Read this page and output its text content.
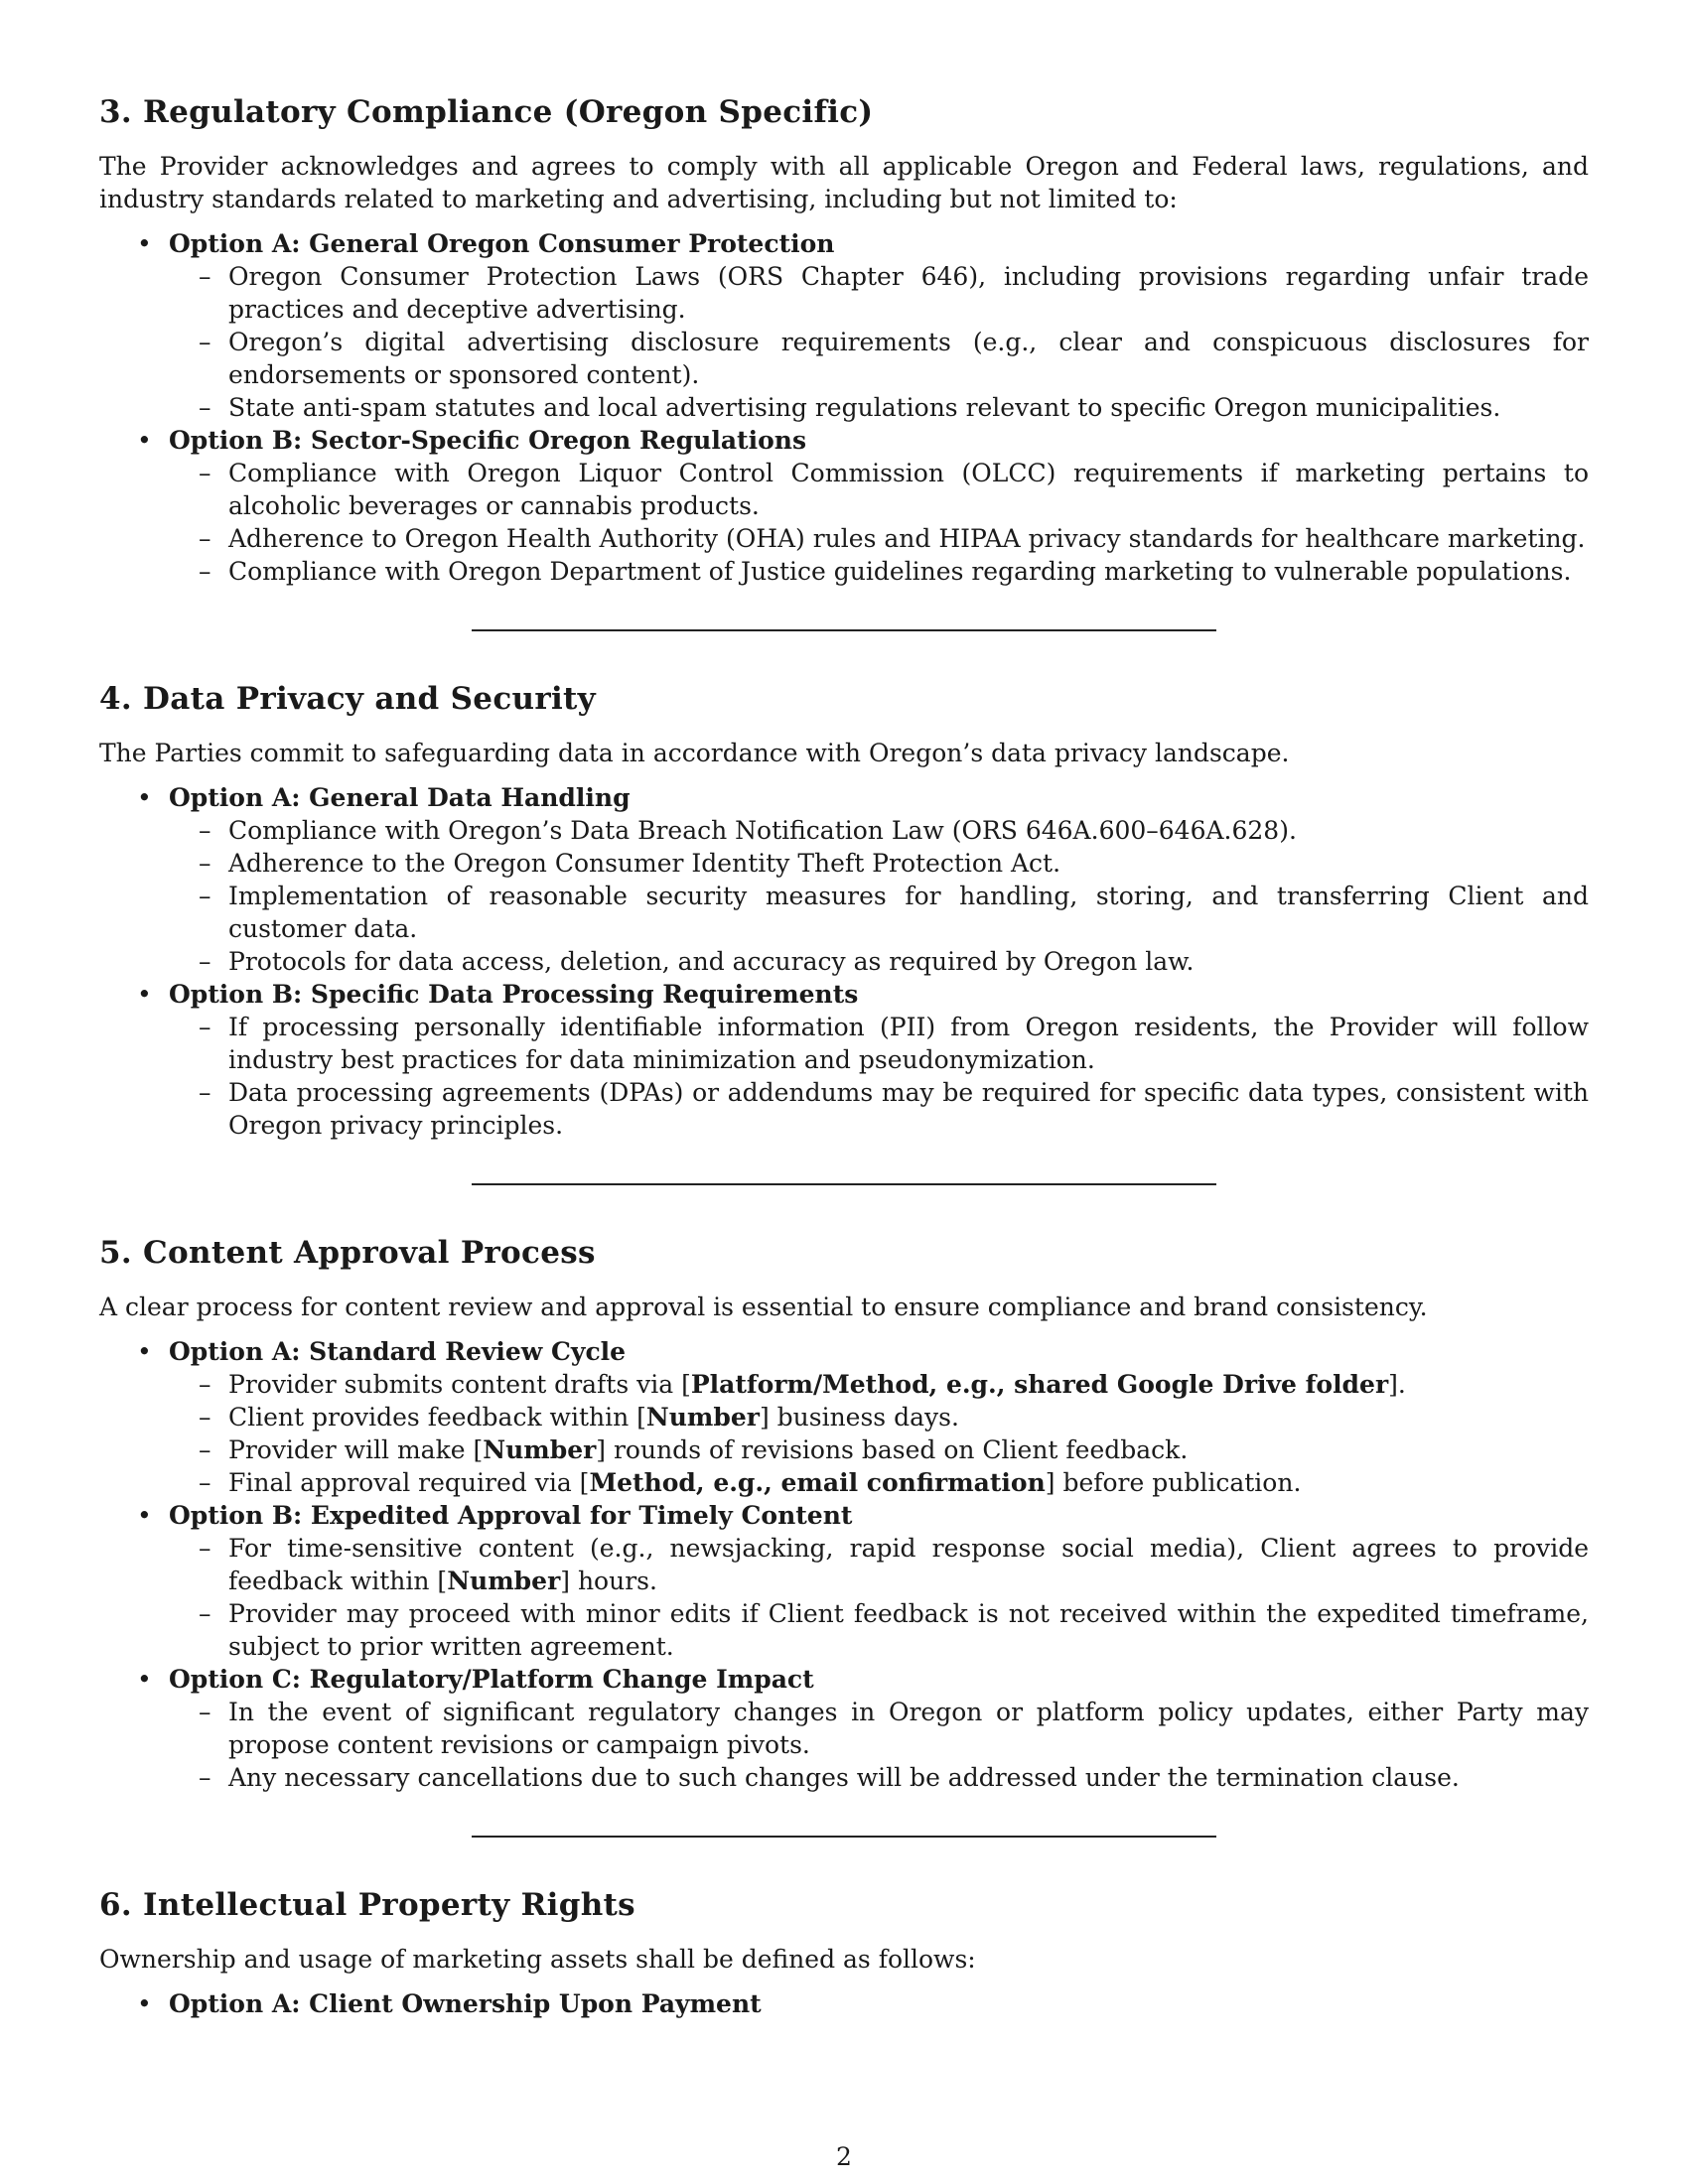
3. Regulatory Compliance (Oregon Specific)

The Provider acknowledges and agrees to comply with all applicable Oregon and Federal laws, regulations, and industry standards related to marketing and advertising, including but not limited to:

• Option A: General Oregon Consumer Protection
– Oregon Consumer Protection Laws (ORS Chapter 646), including provisions regarding unfair trade practices and deceptive advertising.
– Oregon’s digital advertising disclosure requirements (e.g., clear and conspicuous disclosures for endorsements or sponsored content).
– State anti-spam statutes and local advertising regulations relevant to specific Oregon municipalities.
• Option B: Sector-Specific Oregon Regulations
– Compliance with Oregon Liquor Control Commission (OLCC) requirements if marketing pertains to alcoholic beverages or cannabis products.
– Adherence to Oregon Health Authority (OHA) rules and HIPAA privacy standards for healthcare marketing.
– Compliance with Oregon Department of Justice guidelines regarding marketing to vulnerable populations.
4. Data Privacy and Security

The Parties commit to safeguarding data in accordance with Oregon’s data privacy landscape.

• Option A: General Data Handling
– Compliance with Oregon’s Data Breach Notification Law (ORS 646A.600–646A.628).
– Adherence to the Oregon Consumer Identity Theft Protection Act.
– Implementation of reasonable security measures for handling, storing, and transferring Client and customer data.
– Protocols for data access, deletion, and accuracy as required by Oregon law.
• Option B: Specific Data Processing Requirements
– If processing personally identifiable information (PII) from Oregon residents, the Provider will follow industry best practices for data minimization and pseudonymization.
– Data processing agreements (DPAs) or addendums may be required for specific data types, consistent with Oregon privacy principles.
5. Content Approval Process

A clear process for content review and approval is essential to ensure compliance and brand consistency.

• Option A: Standard Review Cycle
– Provider submits content drafts via [Platform/Method, e.g., shared Google Drive folder].
– Client provides feedback within [Number] business days.
– Provider will make [Number] rounds of revisions based on Client feedback.
– Final approval required via [Method, e.g., email confirmation] before publication.
• Option B: Expedited Approval for Timely Content
– For time-sensitive content (e.g., newsjacking, rapid response social media), Client agrees to provide feedback within [Number] hours.
– Provider may proceed with minor edits if Client feedback is not received within the expedited timeframe, subject to prior written agreement.
• Option C: Regulatory/Platform Change Impact
– In the event of significant regulatory changes in Oregon or platform policy updates, either Party may propose content revisions or campaign pivots.
– Any necessary cancellations due to such changes will be addressed under the termination clause.
6. Intellectual Property Rights

Ownership and usage of marketing assets shall be defined as follows:

• Option A: Client Ownership Upon Payment
2
